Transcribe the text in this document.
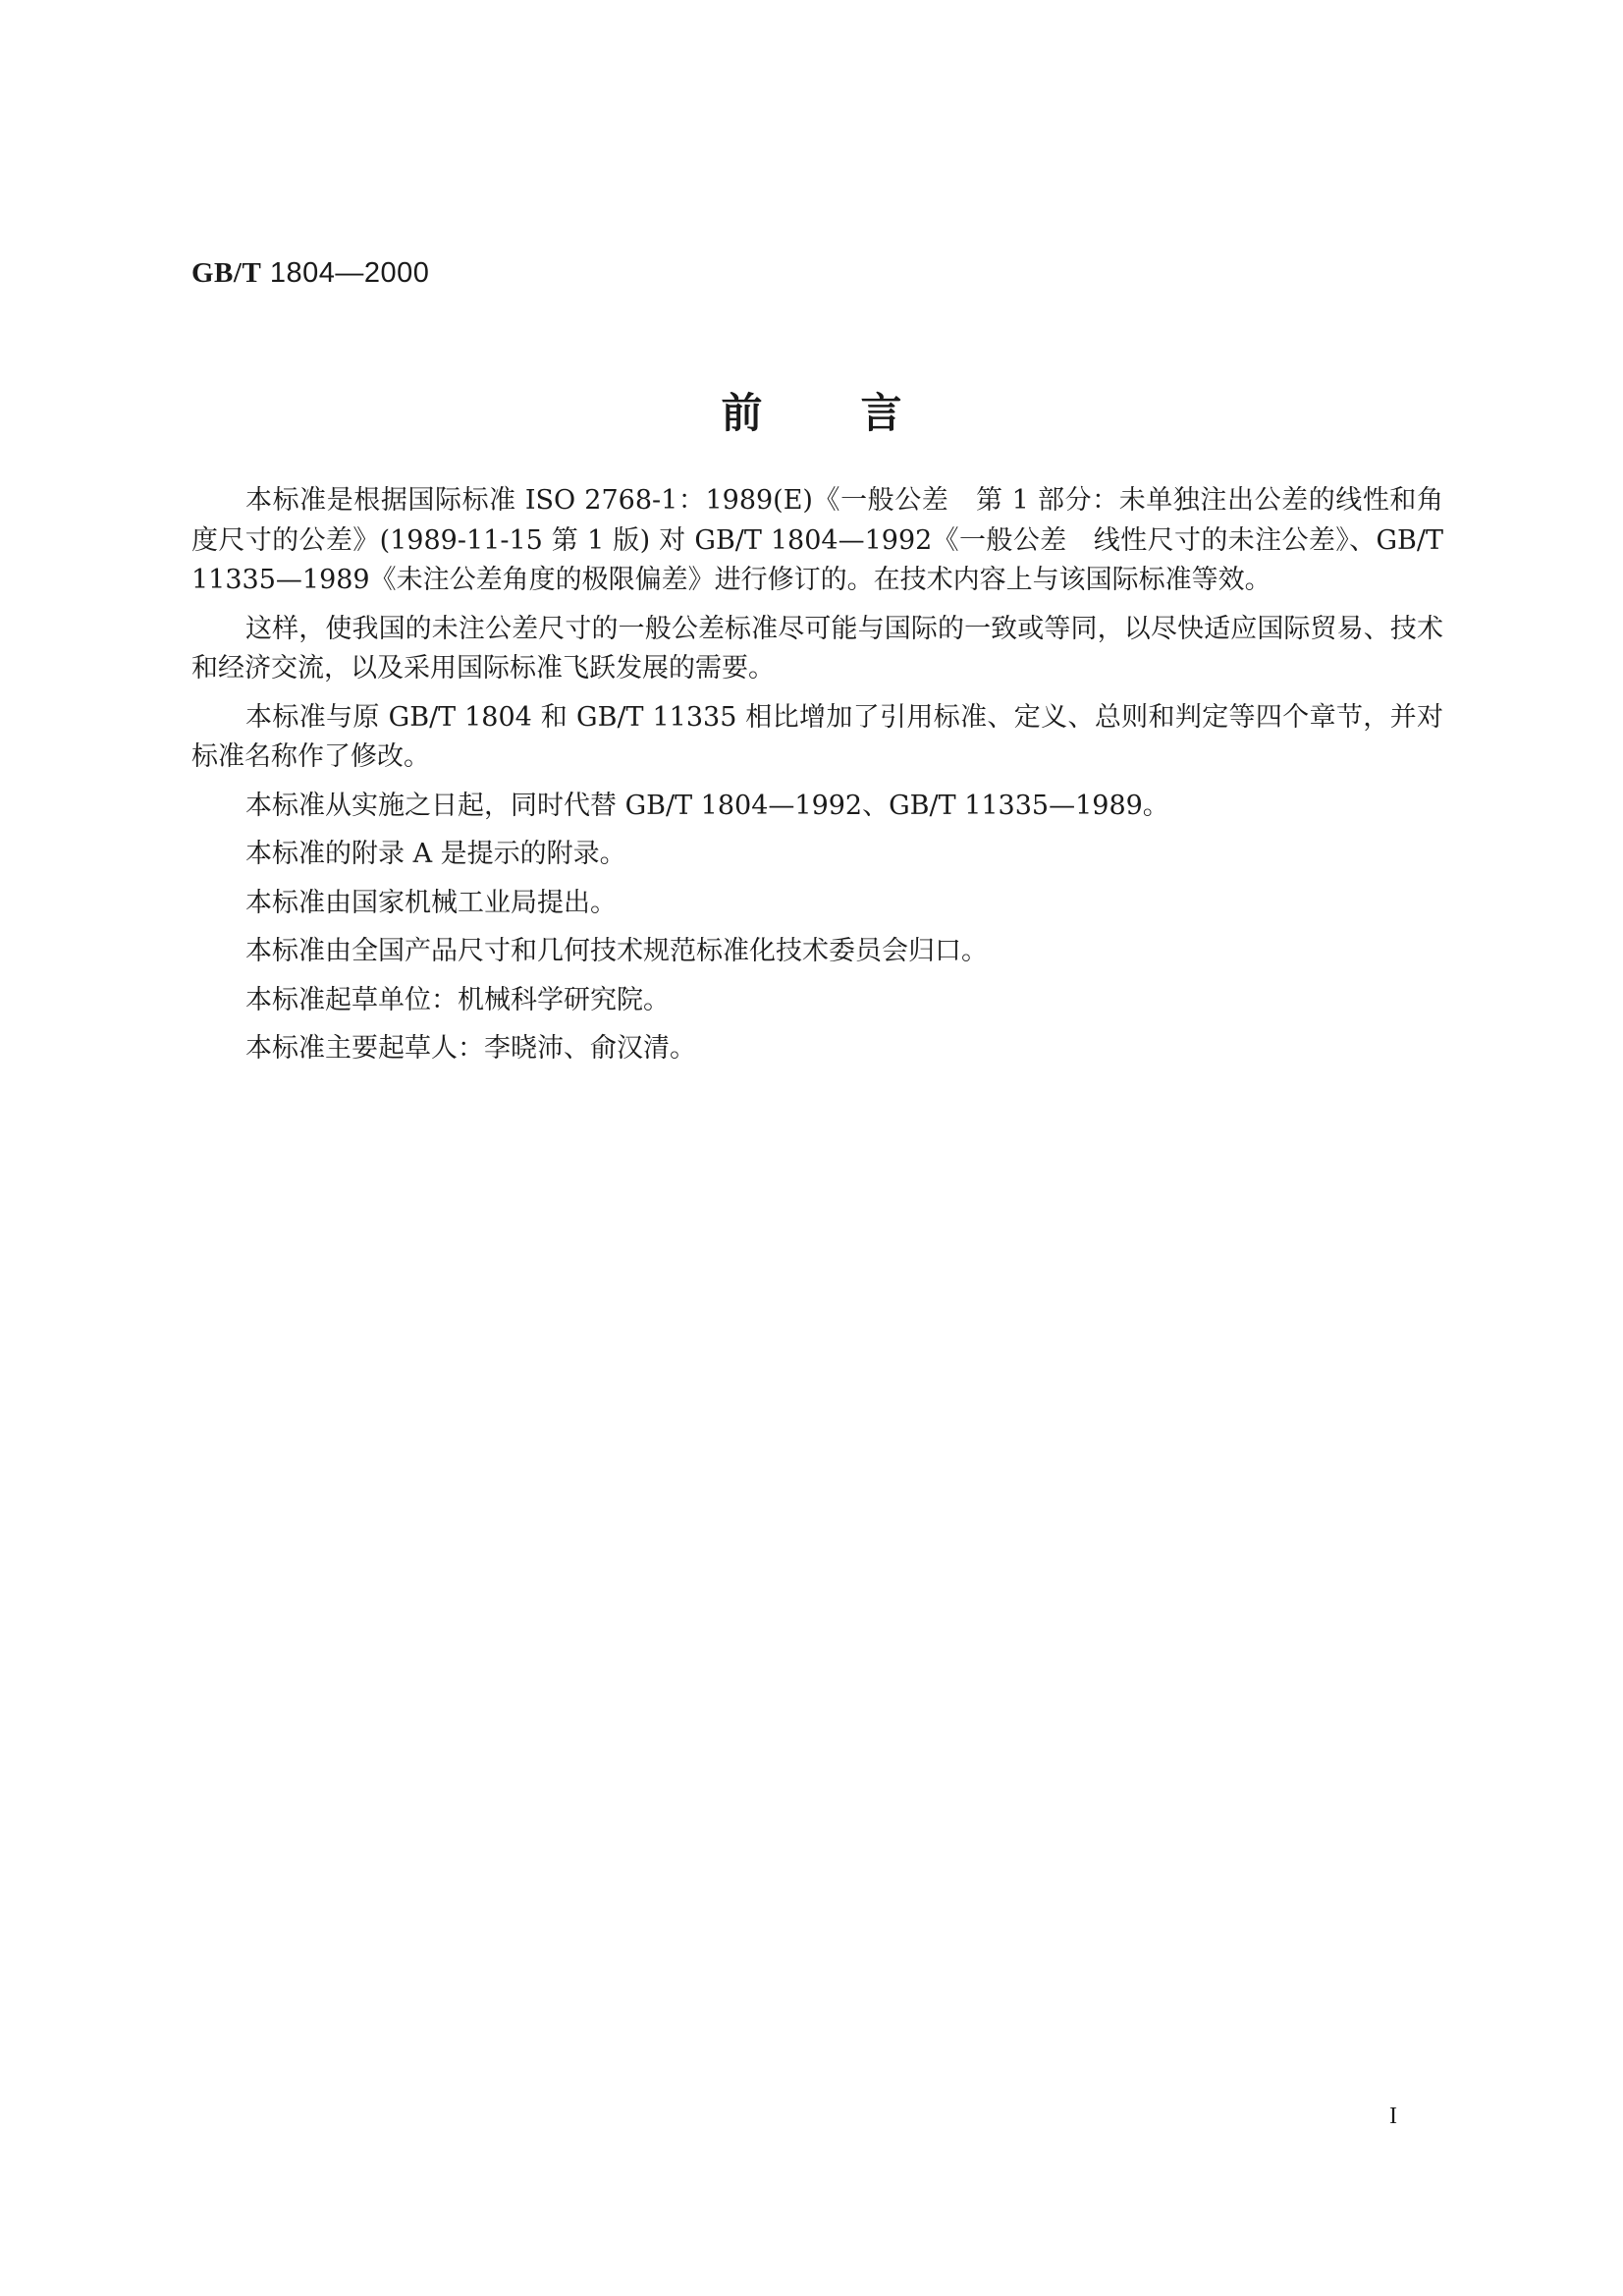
GB/T 1804—2000
前 言

本标准是根据国际标准 ISO 2768-1：1989(E)《一般公差　第 1 部分：未单独注出公差的线性和角度尺寸的公差》(1989-11-15 第 1 版) 对 GB/T 1804—1992《一般公差　线性尺寸的未注公差》、GB/T 11335—1989《未注公差角度的极限偏差》进行修订的。在技术内容上与该国际标准等效。

这样，使我国的未注公差尺寸的一般公差标准尽可能与国际的一致或等同，以尽快适应国际贸易、技术和经济交流，以及采用国际标准飞跃发展的需要。

本标准与原 GB/T 1804 和 GB/T 11335 相比增加了引用标准、定义、总则和判定等四个章节，并对标准名称作了修改。

本标准从实施之日起，同时代替 GB/T 1804—1992、GB/T 11335—1989。

本标准的附录 A 是提示的附录。

本标准由国家机械工业局提出。

本标准由全国产品尺寸和几何技术规范标准化技术委员会归口。

本标准起草单位：机械科学研究院。

本标准主要起草人：李晓沛、俞汉清。

I
